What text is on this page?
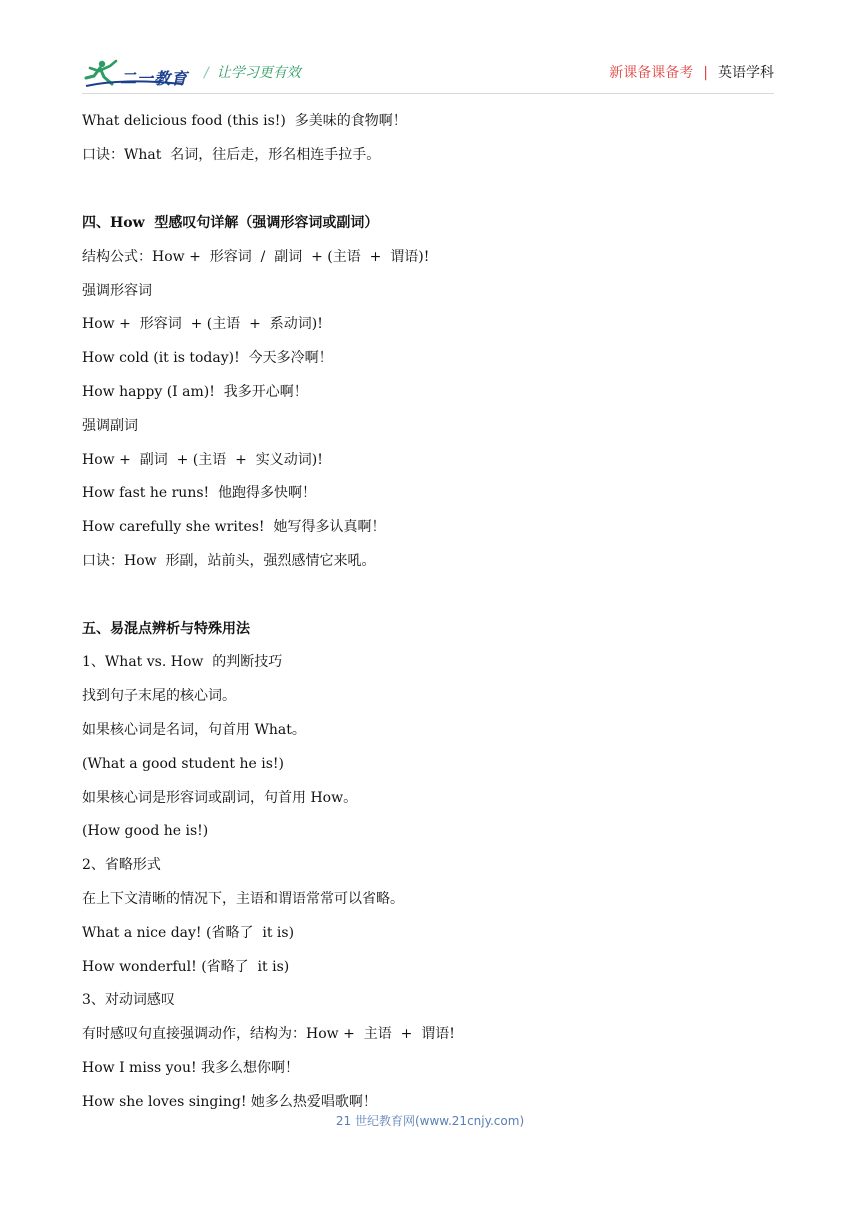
二一教育 / 让学习更有效	新课备课备考 | 英语学科
What delicious food (this is!)  多美味的食物啊！
口诀：What  名词，往后走，形名相连手拉手。
四、How  型感叹句详解（强调形容词或副词）
结构公式：How +  形容词  /  副词  + (主语  +  谓语)!
强调形容词
How +  形容词  + (主语  +  系动词)!
How cold (it is today)!  今天多冷啊！
How happy (I am)!  我多开心啊！
强调副词
How +  副词  + (主语  +  实义动词)!
How fast he runs!  他跑得多快啊！
How carefully she writes!  她写得多认真啊！
口诀：How  形副，站前头，强烈感情它来吼。
五、易混点辨析与特殊用法
1、What vs. How  的判断技巧
找到句子末尾的核心词。
如果核心词是名词，句首用 What。
(What a good student he is!)
如果核心词是形容词或副词，句首用 How。
(How good he is!)
2、省略形式
在上下文清晰的情况下，主语和谓语常常可以省略。
What a nice day! (省略了  it is)
How wonderful! (省略了  it is)
3、对动词感叹
有时感叹句直接强调动作，结构为：How +  主语  +  谓语!
How I miss you! 我多么想你啊！
How she loves singing! 她多么热爱唱歌啊！
21 世纪教育网(www.21cnjy.com)
